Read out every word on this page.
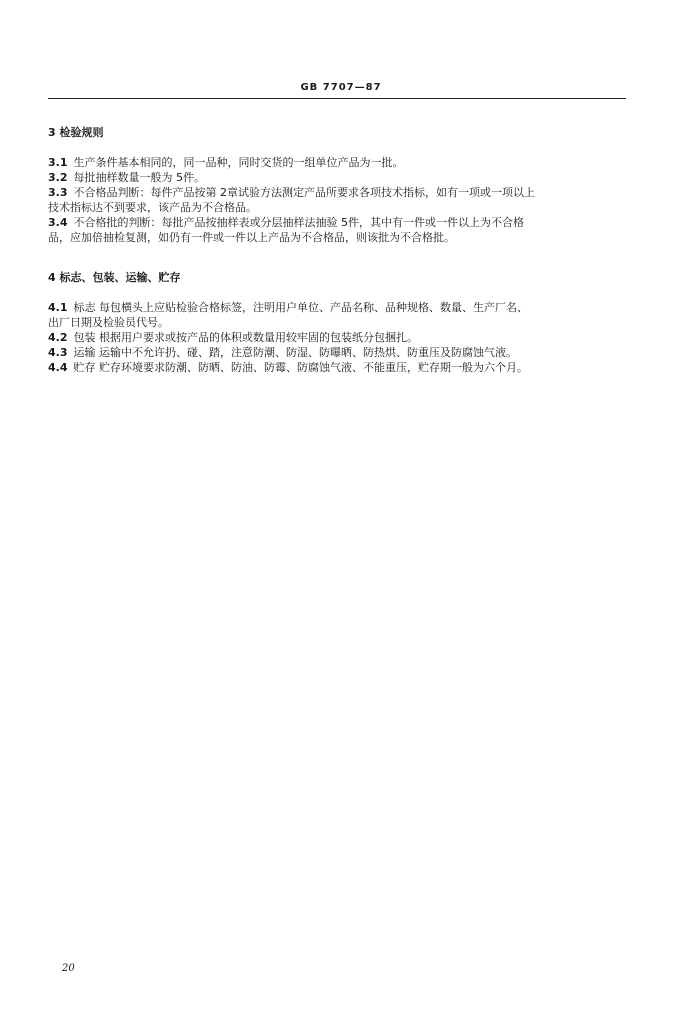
GB 7707—87
3 检验规则
3.1 生产条件基本相同的，同一品种，同时交货的一组单位产品为一批。
3.2 每批抽样数量一般为 5件。
3.3 不合格品判断：每件产品按第 2章试验方法测定产品所要求各项技术指标，如有一项或一项以上
技术指标达不到要求，该产品为不合格品。
3.4 不合格批的判断：每批产品按抽样表或分层抽样法抽验 5件，其中有一件或一件以上为不合格
品，应加倍抽检复测，如仍有一件或一件以上产品为不合格品，则该批为不合格批。
4 标志、包装、运输、贮存
4.1 标志 每包横头上应贴检验合格标签，注明用户单位、产品名称、品种规格、数量、生产厂名、
出厂日期及检验员代号。
4.2 包装 根据用户要求或按产品的体积或数量用较牢固的包装纸分包捆扎。
4.3 运输 运输中不允许扔、碰、踏，注意防潮、防湿、防曝晒、防热烘、防重压及防腐蚀气液。
4.4 贮存 贮存环境要求防潮、防晒、防油、防霉、防腐蚀气液、不能重压，贮存期一般为六个月。
20
